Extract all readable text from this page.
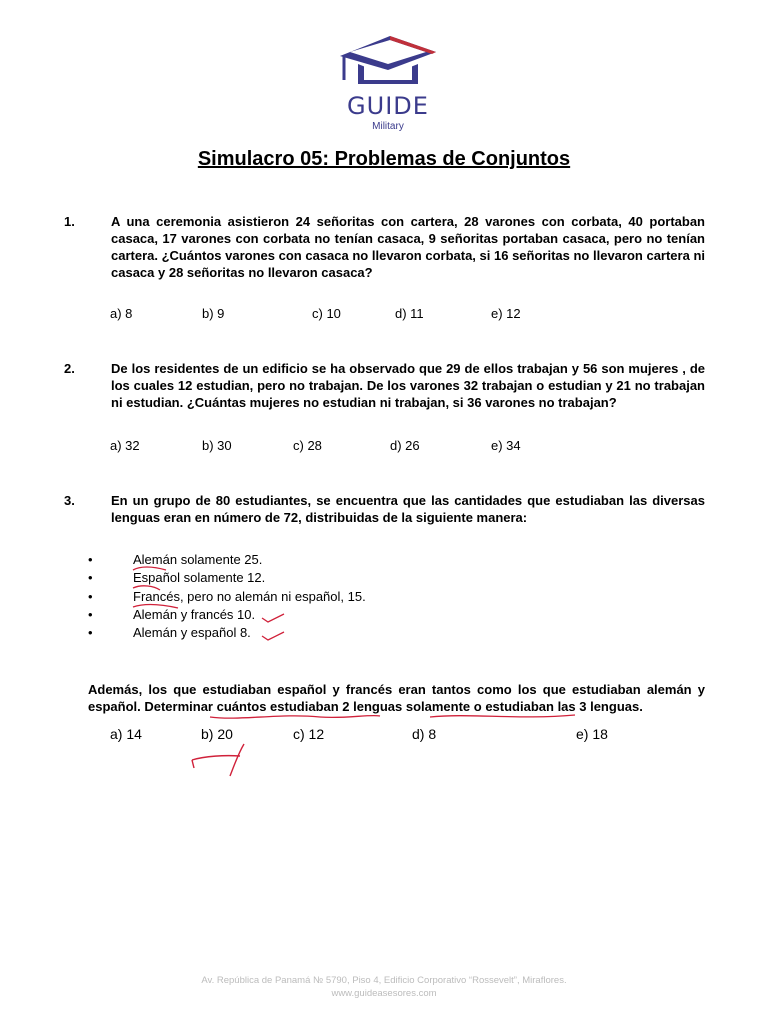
GUIDE
Military
Simulacro 05: Problemas de Conjuntos
1.	A una ceremonia asistieron 24 señoritas con cartera, 28 varones con corbata, 40 portaban casaca, 17 varones con corbata no tenían casaca, 9 señoritas portaban casaca, pero no tenían cartera. ¿Cuántos varones con casaca no llevaron corbata, si 16 señoritas no llevaron cartera ni casaca y 28 señoritas no llevaron casaca?
a) 8	b) 9	c) 10	d) 11	e) 12
2.	De los residentes de un edificio se ha observado que 29 de ellos trabajan y 56 son mujeres , de los cuales 12 estudian, pero no trabajan. De los varones 32 trabajan o estudian y 21 no trabajan ni estudian. ¿Cuántas mujeres no estudian ni trabajan, si 36 varones no trabajan?
a) 32	b) 30	c) 28	d) 26	e) 34
3.	En un grupo de 80 estudiantes, se encuentra que las cantidades que estudiaban las diversas lenguas eran en número de 72, distribuidas de la siguiente manera:
• Alemán solamente 25.
• Español solamente 12.
• Francés, pero no alemán ni español, 15.
• Alemán y francés 10.
• Alemán y español 8.
Además, los que estudiaban español y francés eran tantos como los que estudiaban alemán y español. Determinar cuántos estudiaban 2 lenguas solamente o estudiaban las 3 lenguas.
a) 14	b) 20	c) 12	d) 8	e) 18
Av. República de Panamá № 5790, Piso 4, Edificio Corporativo “Rossevelt”, Miraflores.
www.guideasesores.com
